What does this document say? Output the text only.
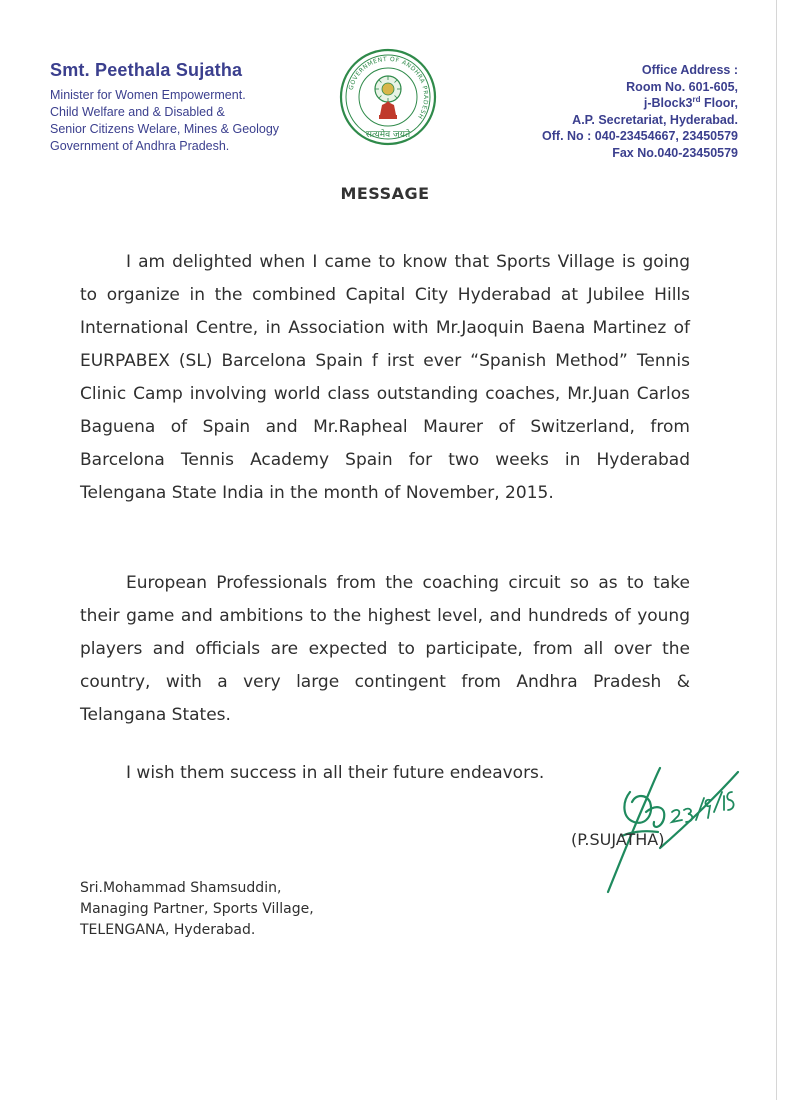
Smt. Peethala Sujatha
Minister for Women Empowerment.
Child Welfare and & Disabled &
Senior Citizens Welare, Mines & Geology
Government of Andhra Pradesh.
GOVERNMENT OF ANDHRA PRADESH
सत्यमेव जयते
Office Address :
Room No. 601-605,
j-Block3rd Floor,
A.P. Secretariat, Hyderabad.
Off. No : 040-23454667, 23450579
Fax No.040-23450579
MESSAGE
I am delighted when I came to know that Sports Village is going to organize in the combined Capital City Hyderabad at Jubilee Hills International Centre, in Association with Mr.Jaoquin Baena Martinez of EURPABEX (SL) Barcelona Spain f irst ever “Spanish Method” Tennis Clinic Camp involving world class outstanding coaches, Mr.Juan Carlos Baguena of Spain and Mr.Rapheal Maurer of Switzerland, from Barcelona Tennis Academy Spain for two weeks in Hyderabad Telengana State India in the month of November, 2015.
European Professionals from the coaching circuit so as to take their game and ambitions to the highest level, and hundreds of young players and officials are expected to participate, from all over the country, with a very large contingent from Andhra Pradesh & Telangana States.
I wish them success in all their future endeavors.
(P.SUJATHA)
Sri.Mohammad Shamsuddin,
Managing Partner, Sports Village,
TELENGANA, Hyderabad.
